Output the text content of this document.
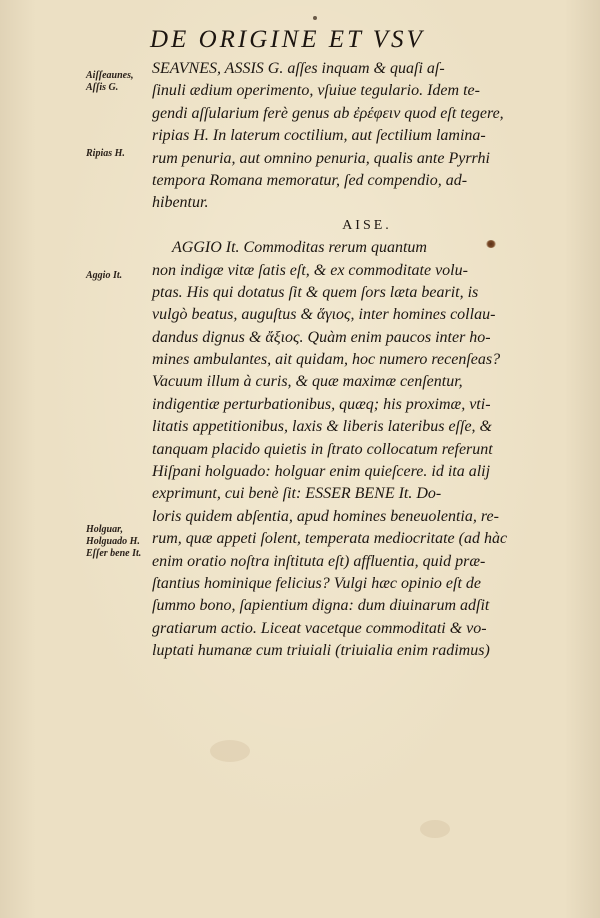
DE ORIGINE ET VSV
Aiſſeaunes,
Aſſis G.
Ripias H.
Aggio It.
Holguar,
Holguado H.
Eſſer bene It.
SEAVNES, ASSIS G. aſſes inquam & quaſi aſ-
ſinuli ædium operimento, vſuiue tegulario. Idem te-
gendi aſſularium ferè genus ab ἐρέφειν quod eſt tegere,
ripias H. In laterum coctilium, aut ſectilium lamina-
rum penuria, aut omnino penuria, qualis ante Pyrrhi
tempora Romana memoratur, ſed compendio, ad-
hibentur.
AISE.
AGGIO It. Commoditas rerum quantum
non indigæ vitæ ſatis eſt, & ex commoditate volu-
ptas. His qui dotatus ſit & quem ſors læta bearit, is
vulgò beatus, auguſtus & ἅγιος, inter homines collau-
dandus dignus & ἄξιος. Quàm enim paucos inter ho-
mines ambulantes, ait quidam, hoc numero recenſeas?
Vacuum illum à curis, & quæ maximæ cenſentur,
indigentiæ perturbationibus, quæq; his proximæ, vti-
litatis appetitionibus, laxis & liberis lateribus eſſe, &
tanquam placido quietis in ſtrato collocatum referunt
Hiſpani holguado: holguar enim quieſcere. id ita alij
exprimunt, cui benè ſit: ESSER BENE It. Do-
loris quidem abſentia, apud homines beneuolentia, re-
rum, quæ appeti ſolent, temperata mediocritate (ad hàc
enim oratio noſtra inſtituta eſt) affluentia, quid præ-
ſtantius hominique felicius? Vulgi hæc opinio eſt de
ſummo bono, ſapientium digna: dum diuinarum adſit
gratiarum actio. Liceat vacetque commoditati & vo-
luptati humanæ cum triuiali (triuialia enim radimus)
